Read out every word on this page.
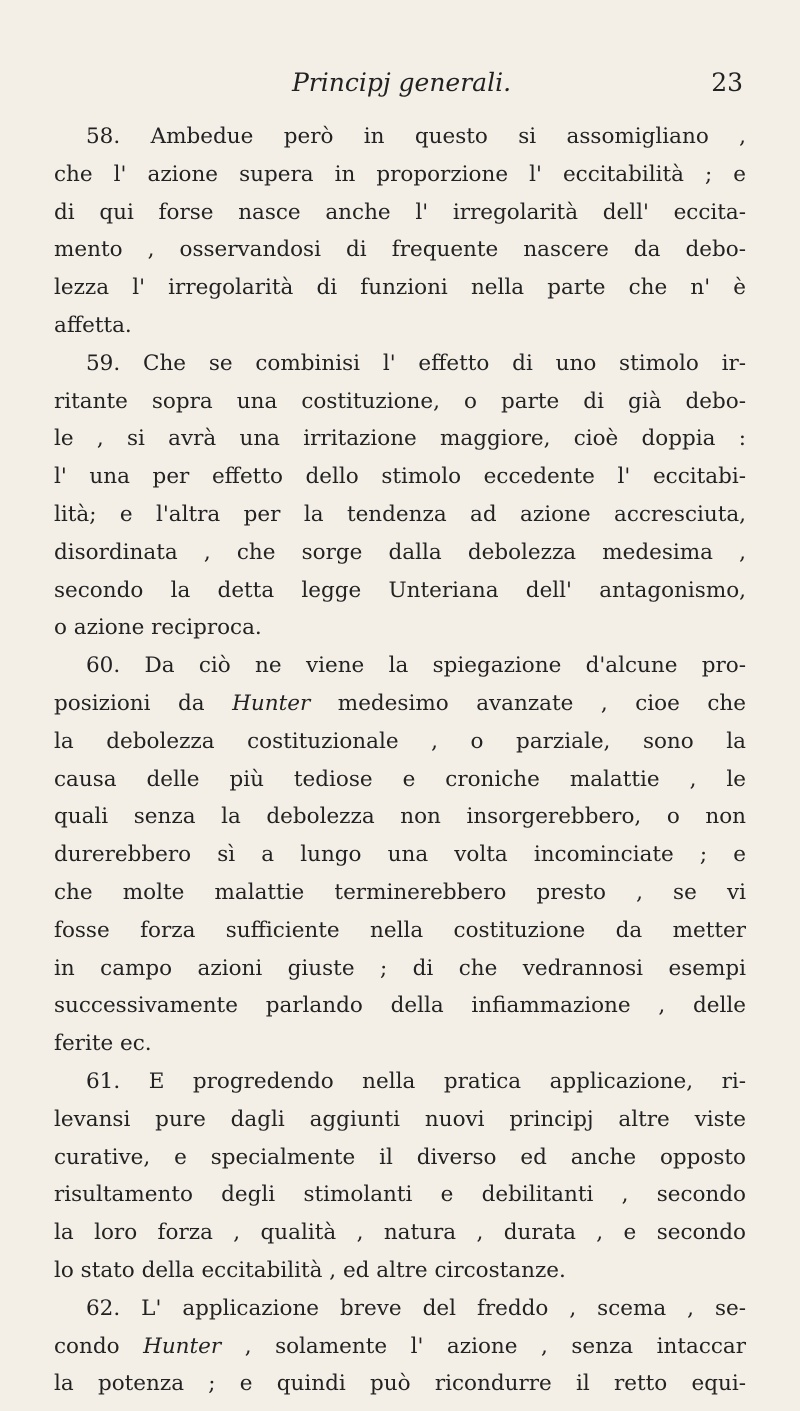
Principj generali.	23
58. Ambedue però in questo si assomigliano ,
che l' azione supera in proporzione l' eccitabilità ; e
di qui forse nasce anche l' irregolarità dell' eccita-
mento , osservandosi di frequente nascere da debo-
lezza l' irregolarità di funzioni nella parte che n' è
affetta.
59. Che se combinisi l' effetto di uno stimolo ir-
ritante sopra una costituzione, o parte di già debo-
le , si avrà una irritazione maggiore, cioè doppia :
l' una per effetto dello stimolo eccedente l' eccitabi-
lità; e l'altra per la tendenza ad azione accresciuta,
disordinata , che sorge dalla debolezza medesima ,
secondo la detta legge Unteriana dell' antagonismo,
o azione reciproca.
60. Da ciò ne viene la spiegazione d'alcune pro-
posizioni da Hunter medesimo avanzate , cioe che
la debolezza costituzionale , o parziale, sono la
causa delle più tediose e croniche malattie , le
quali senza la debolezza non insorgerebbero, o non
durerebbero sì a lungo una volta incominciate ; e
che molte malattie terminerebbero presto , se vi
fosse forza sufficiente nella costituzione da metter
in campo azioni giuste ; di che vedrannosi esempi
successivamente parlando della infiammazione , delle
ferite ec.
61. E progredendo nella pratica applicazione, ri-
levansi pure dagli aggiunti nuovi principj altre viste
curative, e specialmente il diverso ed anche opposto
risultamento degli stimolanti e debilitanti , secondo
la loro forza , qualità , natura , durata , e secondo
lo stato della eccitabilità , ed altre circostanze.
62. L' applicazione breve del freddo , scema , se-
condo Hunter , solamente l' azione , senza intaccar
la potenza ; e quindi può ricondurre il retto equi-
